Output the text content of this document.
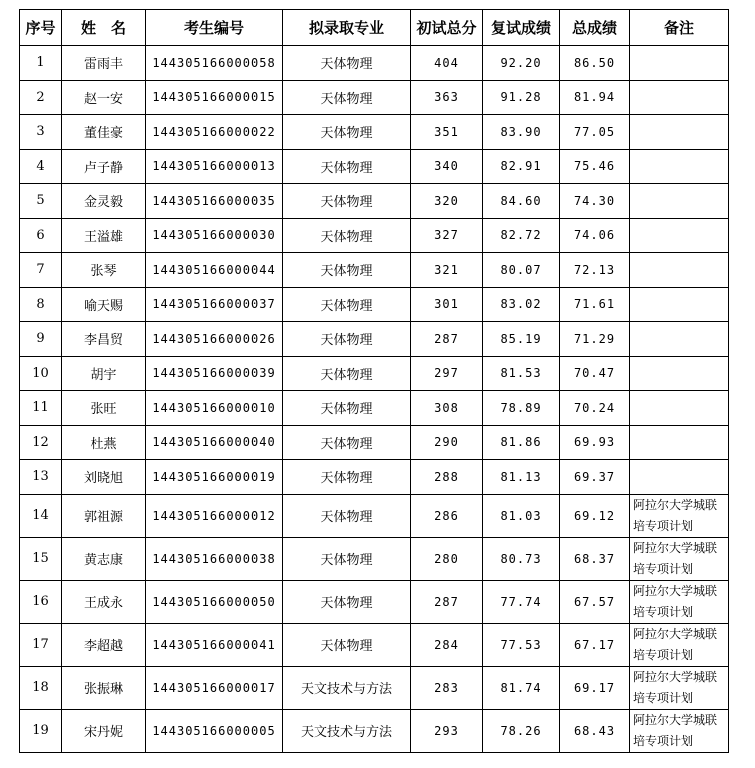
序号	姓　名	考生编号	拟录取专业	初试总分	复试成绩	总成绩	备注
1	雷雨丰	144305166000058	天体物理	404	92.20	86.50	
2	赵一安	144305166000015	天体物理	363	91.28	81.94	
3	董佳豪	144305166000022	天体物理	351	83.90	77.05	
4	卢子静	144305166000013	天体物理	340	82.91	75.46	
5	金灵毅	144305166000035	天体物理	320	84.60	74.30	
6	王溢雄	144305166000030	天体物理	327	82.72	74.06	
7	张琴	144305166000044	天体物理	321	80.07	72.13	
8	喻天赐	144305166000037	天体物理	301	83.02	71.61	
9	李昌贸	144305166000026	天体物理	287	85.19	71.29	
10	胡宇	144305166000039	天体物理	297	81.53	70.47	
11	张旺	144305166000010	天体物理	308	78.89	70.24	
12	杜燕	144305166000040	天体物理	290	81.86	69.93	
13	刘晓旭	144305166000019	天体物理	288	81.13	69.37	
14	郭祖源	144305166000012	天体物理	286	81.03	69.12	阿拉尔大学城联培专项计划
15	黄志康	144305166000038	天体物理	280	80.73	68.37	阿拉尔大学城联培专项计划
16	王成永	144305166000050	天体物理	287	77.74	67.57	阿拉尔大学城联培专项计划
17	李超越	144305166000041	天体物理	284	77.53	67.17	阿拉尔大学城联培专项计划
18	张振琳	144305166000017	天文技术与方法	283	81.74	69.17	阿拉尔大学城联培专项计划
19	宋丹妮	144305166000005	天文技术与方法	293	78.26	68.43	阿拉尔大学城联培专项计划
